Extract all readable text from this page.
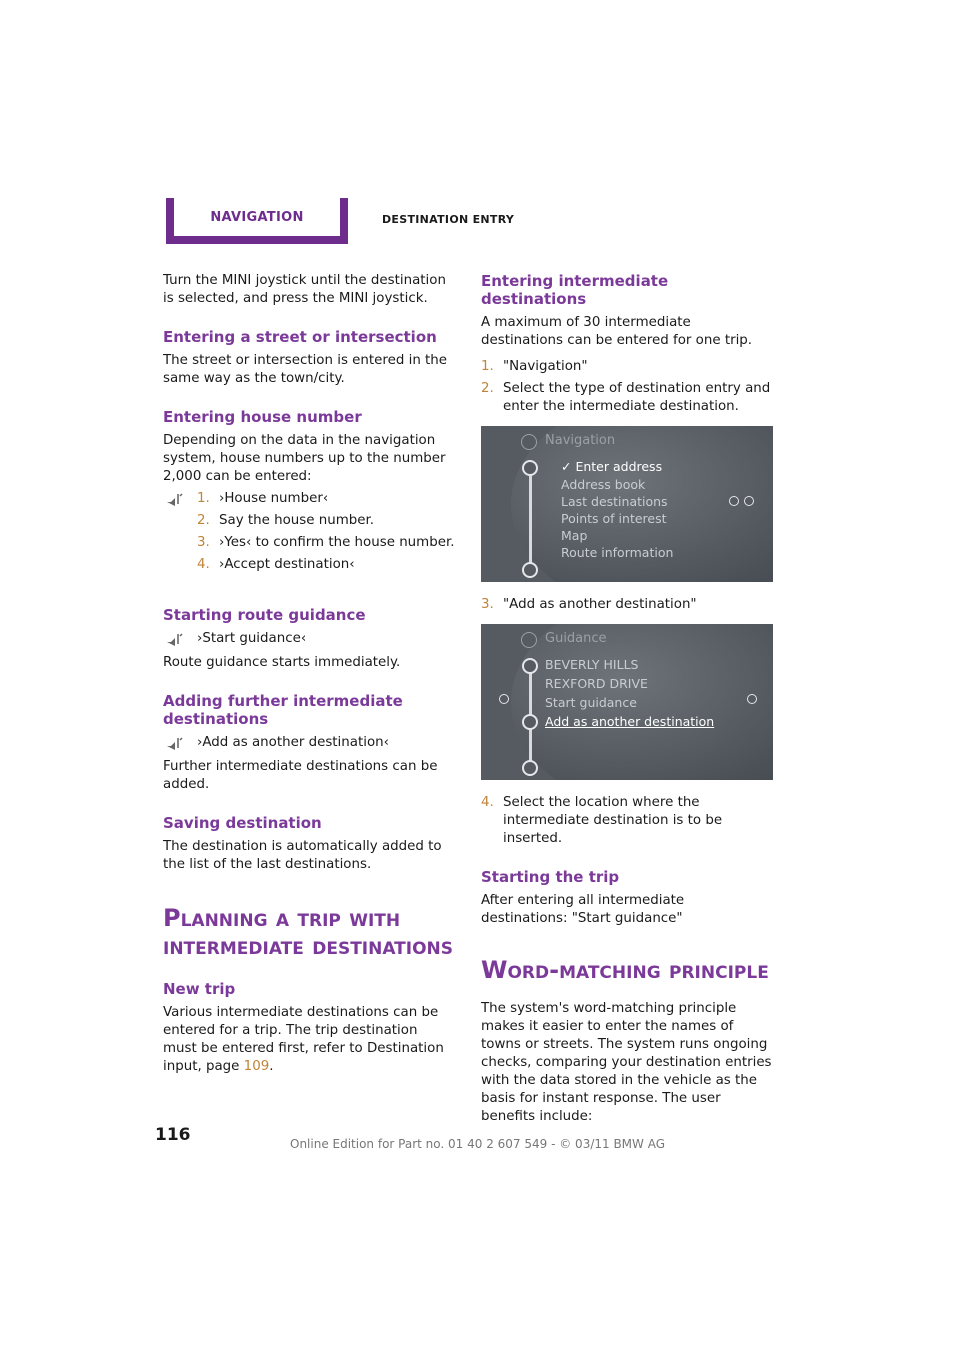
NAVIGATION	DESTINATION ENTRY

Turn the MINI joystick until the destination is selected, and press the MINI joystick.

Entering a street or intersection

The street or intersection is entered in the same way as the town/city.

Entering house number

Depending on the data in the navigation system, house numbers up to the number 2,000 can be entered:

1. ›House number‹
2. Say the house number.
3. ›Yes‹ to confirm the house number.
4. ›Accept destination‹
Starting route guidance
›Start guidance‹

Route guidance starts immediately.

Adding further intermediate destinations
›Add as another destination‹

Further intermediate destinations can be added.

Saving destination

The destination is automatically added to the list of the last destinations.

Planning a trip with intermediate destinations
New trip

Various intermediate destinations can be entered for a trip. The trip destination must be entered first, refer to Destination input, page 109.

Entering intermediate destinations

A maximum of 30 intermediate destinations can be entered for one trip.

1. "Navigation"
2. Select the type of destination entry and enter the intermediate destination.
Navigation
✓ Enter address
Address book
Last destinations
Points of interest
Map
Route information
3. "Add as another destination"
Guidance
BEVERLY HILLS
REXFORD DRIVE
Start guidance
Add as another destination
4. Select the location where the intermediate destination is to be inserted.
Starting the trip

After entering all intermediate destinations: "Start guidance"

Word-matching principle

The system's word-matching principle makes it easier to enter the names of towns or streets. The system runs ongoing checks, comparing your destination entries with the data stored in the vehicle as the basis for instant response. The user benefits include:

116	Online Edition for Part no. 01 40 2 607 549 - © 03/11 BMW AG
